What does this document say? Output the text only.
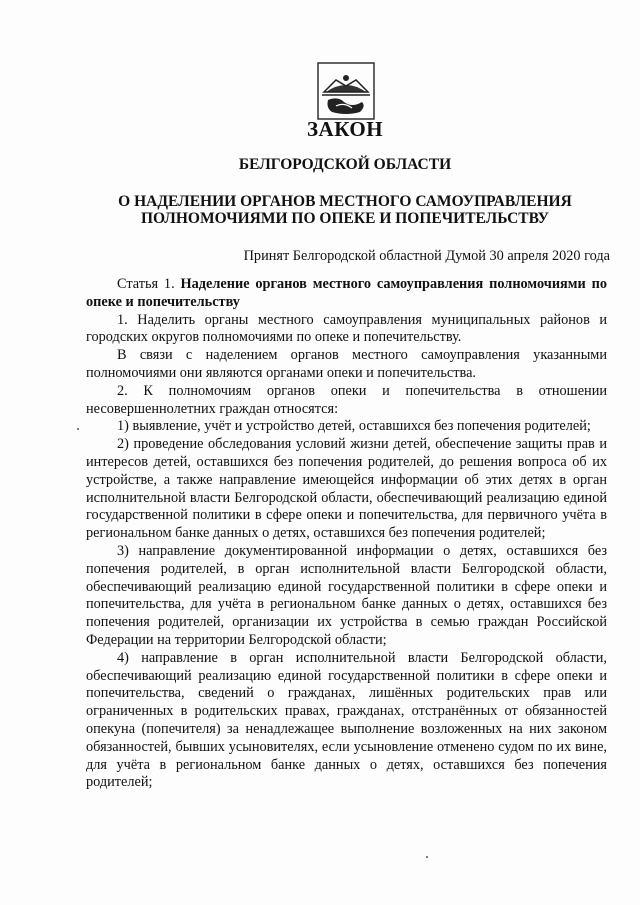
ЗАКОН
БЕЛГОРОДСКОЙ ОБЛАСТИ
О НАДЕЛЕНИИ ОРГАНОВ МЕСТНОГО САМОУПРАВЛЕНИЯ
ПОЛНОМОЧИЯМИ ПО ОПЕКЕ И ПОПЕЧИТЕЛЬСТВУ
Принят Белгородской областной Думой 30 апреля 2020 года

Статья 1. Наделение органов местного самоуправления полномочиями по опеке и попечительству

1. Наделить органы местного самоуправления муниципальных районов и городских округов полномочиями по опеке и попечительству.

В связи с наделением органов местного самоуправления указанными полномочиями они являются органами опеки и попечительства.

2. К полномочиям органов опеки и попечительства в отношении несовершеннолетних граждан относятся:

1) выявление, учёт и устройство детей, оставшихся без попечения родителей;

2) проведение обследования условий жизни детей, обеспечение защиты прав и интересов детей, оставшихся без попечения родителей, до решения вопроса об их устройстве, а также направление имеющейся информации об этих детях в орган исполнительной власти Белгородской области, обеспечивающий реализацию единой государственной политики в сфере опеки и попечительства, для первичного учёта в региональном банке данных о детях, оставшихся без попечения родителей;

3) направление документированной информации о детях, оставшихся без попечения родителей, в орган исполнительной власти Белгородской области, обеспечивающий реализацию единой государственной политики в сфере опеки и попечительства, для учёта в региональном банке данных о детях, оставшихся без попечения родителей, организации их устройства в семью граждан Российской Федерации на территории Белгородской области;

4) направление в орган исполнительной власти Белгородской области, обеспечивающий реализацию единой государственной политики в сфере опеки и попечительства, сведений о гражданах, лишённых родительских прав или ограниченных в родительских правах, гражданах, отстранённых от обязанностей опекуна (попечителя) за ненадлежащее выполнение возложенных на них законом обязанностей, бывших усыновителях, если усыновление отменено судом по их вине, для учёта в региональном банке данных о детях, оставшихся без попечения родителей;
